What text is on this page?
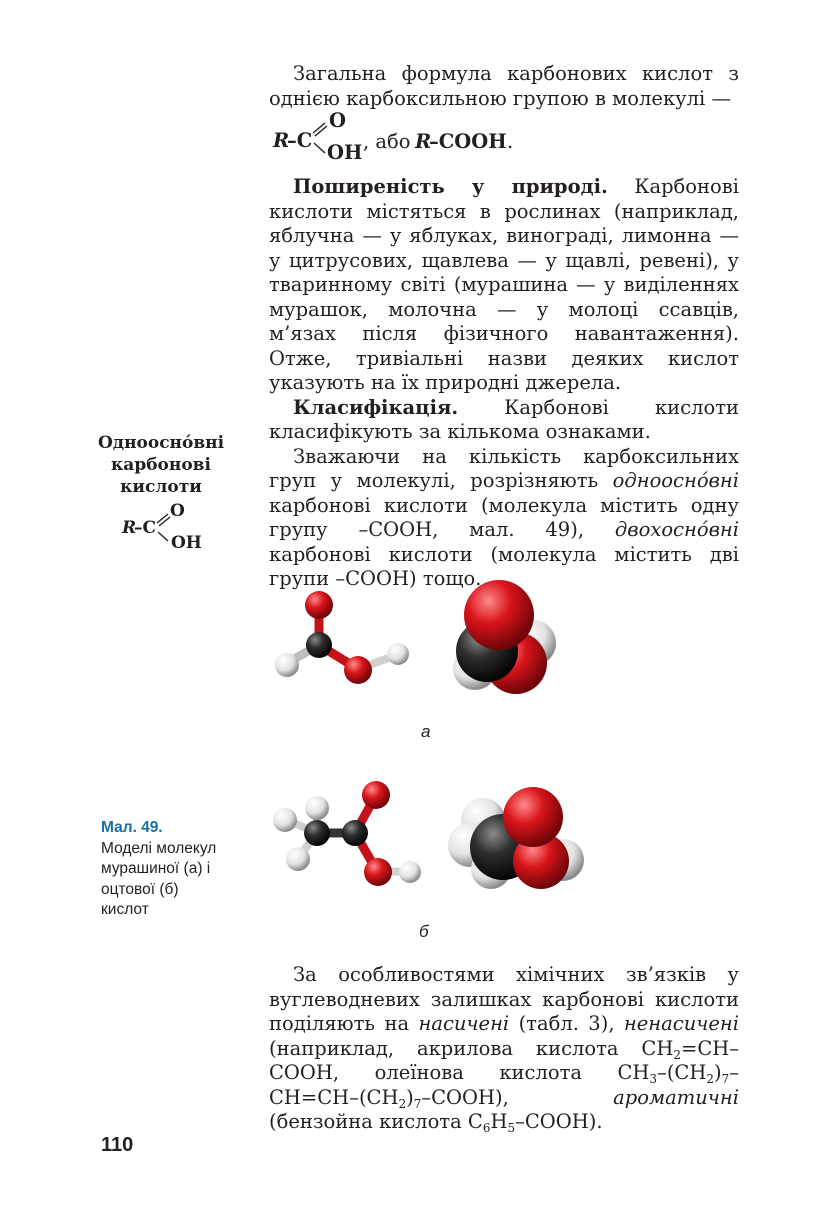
Загальна формула карбонових кислот з однією карбоксильною групою в молекулі —

R
–C
O
OH , або
R
–COOH .

Поширеність у природі. Карбонові кислоти містяться в рослинах (наприклад, яблучна — у яблуках, винограді, лимонна — у цитрусових, щавлева — у щавлі, ревені), у тваринному світі (мурашина — у виділеннях мурашок, молочна — у молоці ссавців, м’язах після фізичного навантаження). Отже, тривіальні назви деяких кислот указують на їх природні джерела.

Класифікація. Карбонові кислоти класифікують за кількома ознаками.

Зважаючи на кількість карбоксильних груп у молекулі, розрізняють одноосно́вні карбонові кислоти (молекула містить одну групу –COOH, мал. 49), двохосно́вні карбонові кислоти (молекула містить дві групи –COOH) тощо.

Одноосно́вні
карбонові
кислоти
R
–C
O
OH
а
б
Мал. 49.
Моделі молекул мурашиної (а) і оцтової (б) кислот

За особливостями хімічних зв’язків у вуглеводневих залишках карбонові кислоти поділяють на насичені (табл. 3), ненасичені (наприклад, акрилова кислота $CH_2=CH$–COOH, олеїнова кислота $CH_3-(CH_2)_7-CH=CH-(CH_2)_7-COOH$), ароматичні (бензойна кислота $C_6H_5-COOH$).

110
